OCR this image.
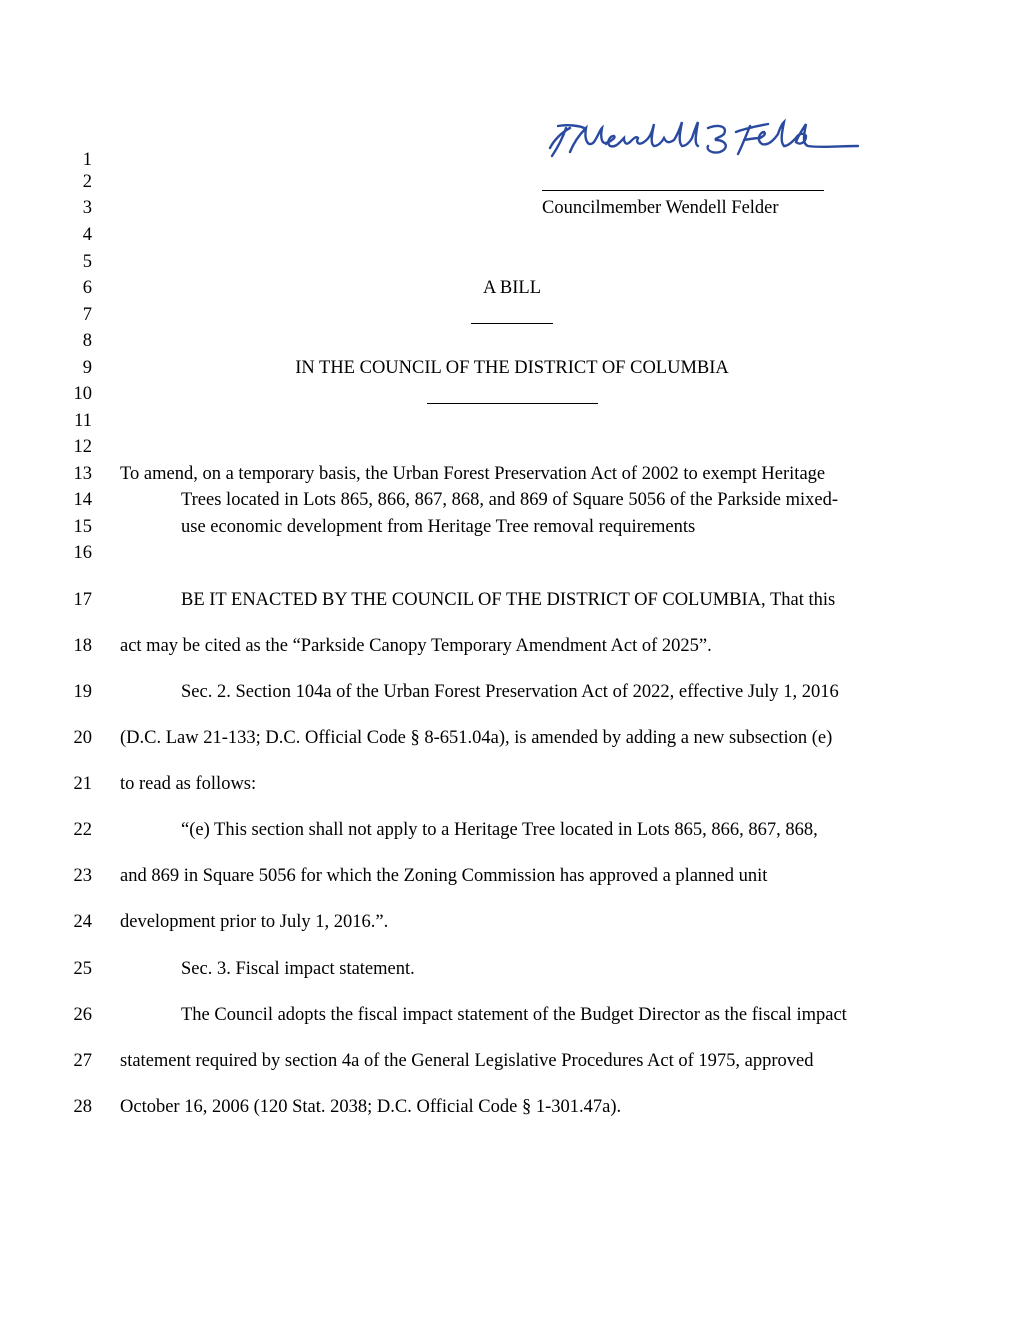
Councilmember Wendell Felder
1
2
3
4
5
6
7
8
9
10
11
12
13
14
15
16
17
18
19
20
21
22
23
24
25
26
27
28
A BILL
IN THE COUNCIL OF THE DISTRICT OF COLUMBIA
To amend, on a temporary basis, the Urban Forest Preservation Act of 2002 to exempt Heritage
Trees located in Lots 865, 866, 867, 868, and 869 of Square 5056 of the Parkside mixed-
use economic development from Heritage Tree removal requirements
BE IT ENACTED BY THE COUNCIL OF THE DISTRICT OF COLUMBIA, That this
act may be cited as the “Parkside Canopy Temporary Amendment Act of 2025”.
Sec. 2. Section 104a of the Urban Forest Preservation Act of 2022, effective July 1, 2016
(D.C. Law 21-133; D.C. Official Code § 8-651.04a), is amended by adding a new subsection (e)
to read as follows:
“(e) This section shall not apply to a Heritage Tree located in Lots 865, 866, 867, 868,
and 869 in Square 5056 for which the Zoning Commission has approved a planned unit
development prior to July 1, 2016.”.
Sec. 3. Fiscal impact statement.
The Council adopts the fiscal impact statement of the Budget Director as the fiscal impact
statement required by section 4a of the General Legislative Procedures Act of 1975, approved
October 16, 2006 (120 Stat. 2038; D.C. Official Code § 1-301.47a).
